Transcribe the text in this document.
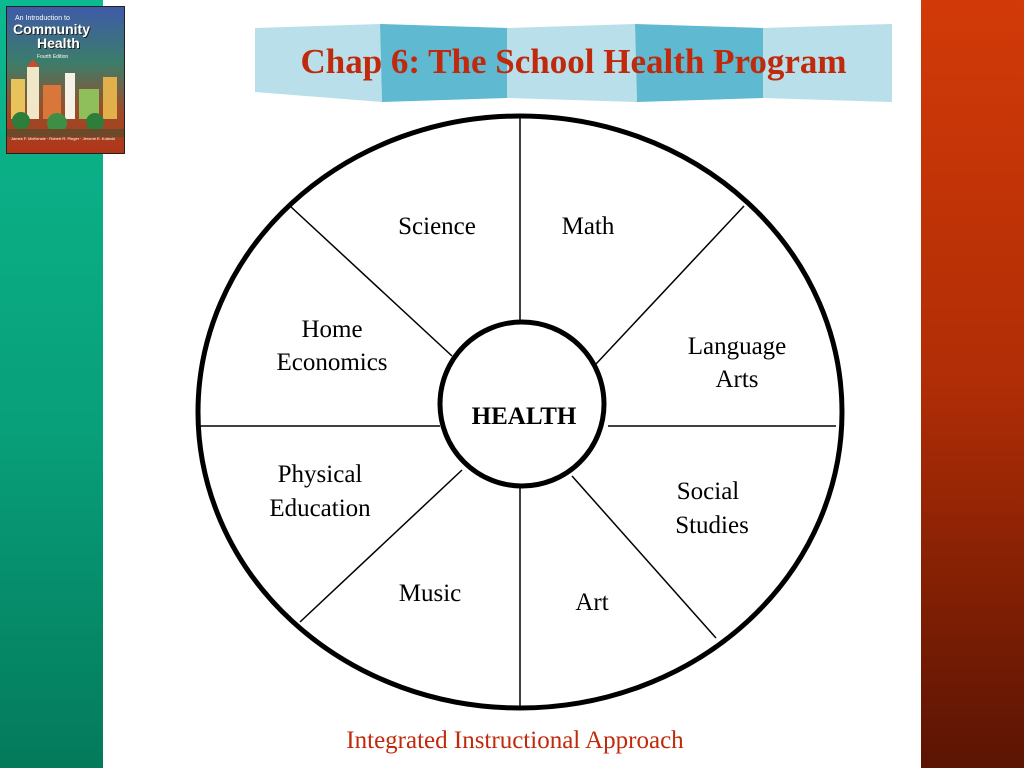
An Introduction to
Community
Health
Fourth Edition
James F. McKenzie · Robert R. Pinger · Jerome E. Kotecki
Chap 6: The School Health Program
HEALTH
Science	Math
Home
Economics
Language
Arts
Physical
Education
Social
Studies
Music	Art
Integrated Instructional Approach
